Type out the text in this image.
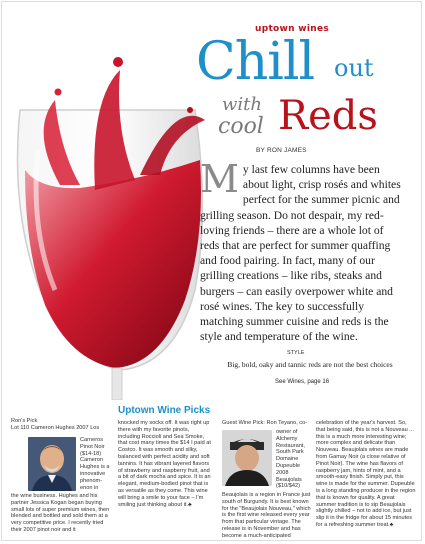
uptown wines
Chill out
with
cool Reds
BY RON JAMES
M y last few columns have been about light, crisp rosés and whites perfect for the summer picnic and grilling season. Do not despair, my red-loving friends – there are a whole lot of reds that are perfect for summer quaffing and food pairing. In fact, many of our grilling creations – like ribs, steaks and burgers – can easily overpower white and rosé wines. The key to successfully matching summer cuisine and reds is the style and temperature of the wine.
STYLE
Big, bold, oaky and tannic reds are not the best choices
See Wines, page 16
Uptown Wine Picks

Ron's Pick
Lot 110 Cameron Hughes 2007 Los

Carneros Pinot Noir ($14-18) Cameron Hughes is a innovative phenom-enon in

the wine business. Hughes and his partner Jessica Kogan began buying small lots of super premium wines, then blended and bottled and sold them at a very competitive price. I recently tried their 2007 pinot noir and it

knocked my socks off. It was right up there with my favorite pinots, including Roccioli and Sea Smoke, that cost many times the $14 I paid at Costco. It was smooth and silky, balanced with perfect acidity and soft tannins. It has vibrant layered flavors of strawberry and raspberry fruit, and a bit of dark mocha and spice. It is an elegant, medium-bodied pinot that is as versatile as they come. This wine will bring a smile to your face – I'm smiling just thinking about it.♣

Guest Wine Pick: Ron Teyano, co-

owner of Alchemy Restaurant, South Park Domaine Dupeuble 2008 Beaujolais ($10/$42)

Beaujolais is a region in France just south of Burgundy. It is best known for the "Beaujolais Nouveau," which is the first wine released every year from that particular vintage. The release is in November and has become a much-anticipated

celebration of the year's harvest. So, that being said, this is not a Nouveau ... this is a much more interesting wine; more complex and delicate than Nouveau. Beaujolais wines are made from Gamay Noir (a close relative of Pinot Noir). The wine has flavors of raspberry jam, hints of mint, and a smooth-easy finish. Simply put, this wine is made for the summer. Dupeuble is a long standing producer in the region that is known for quality. A great summer tradition is to sip Beaujolais slightly chilled – not to add ice, but just slip it in the fridge for about 15 minutes for a refreshing summer treat.♣
